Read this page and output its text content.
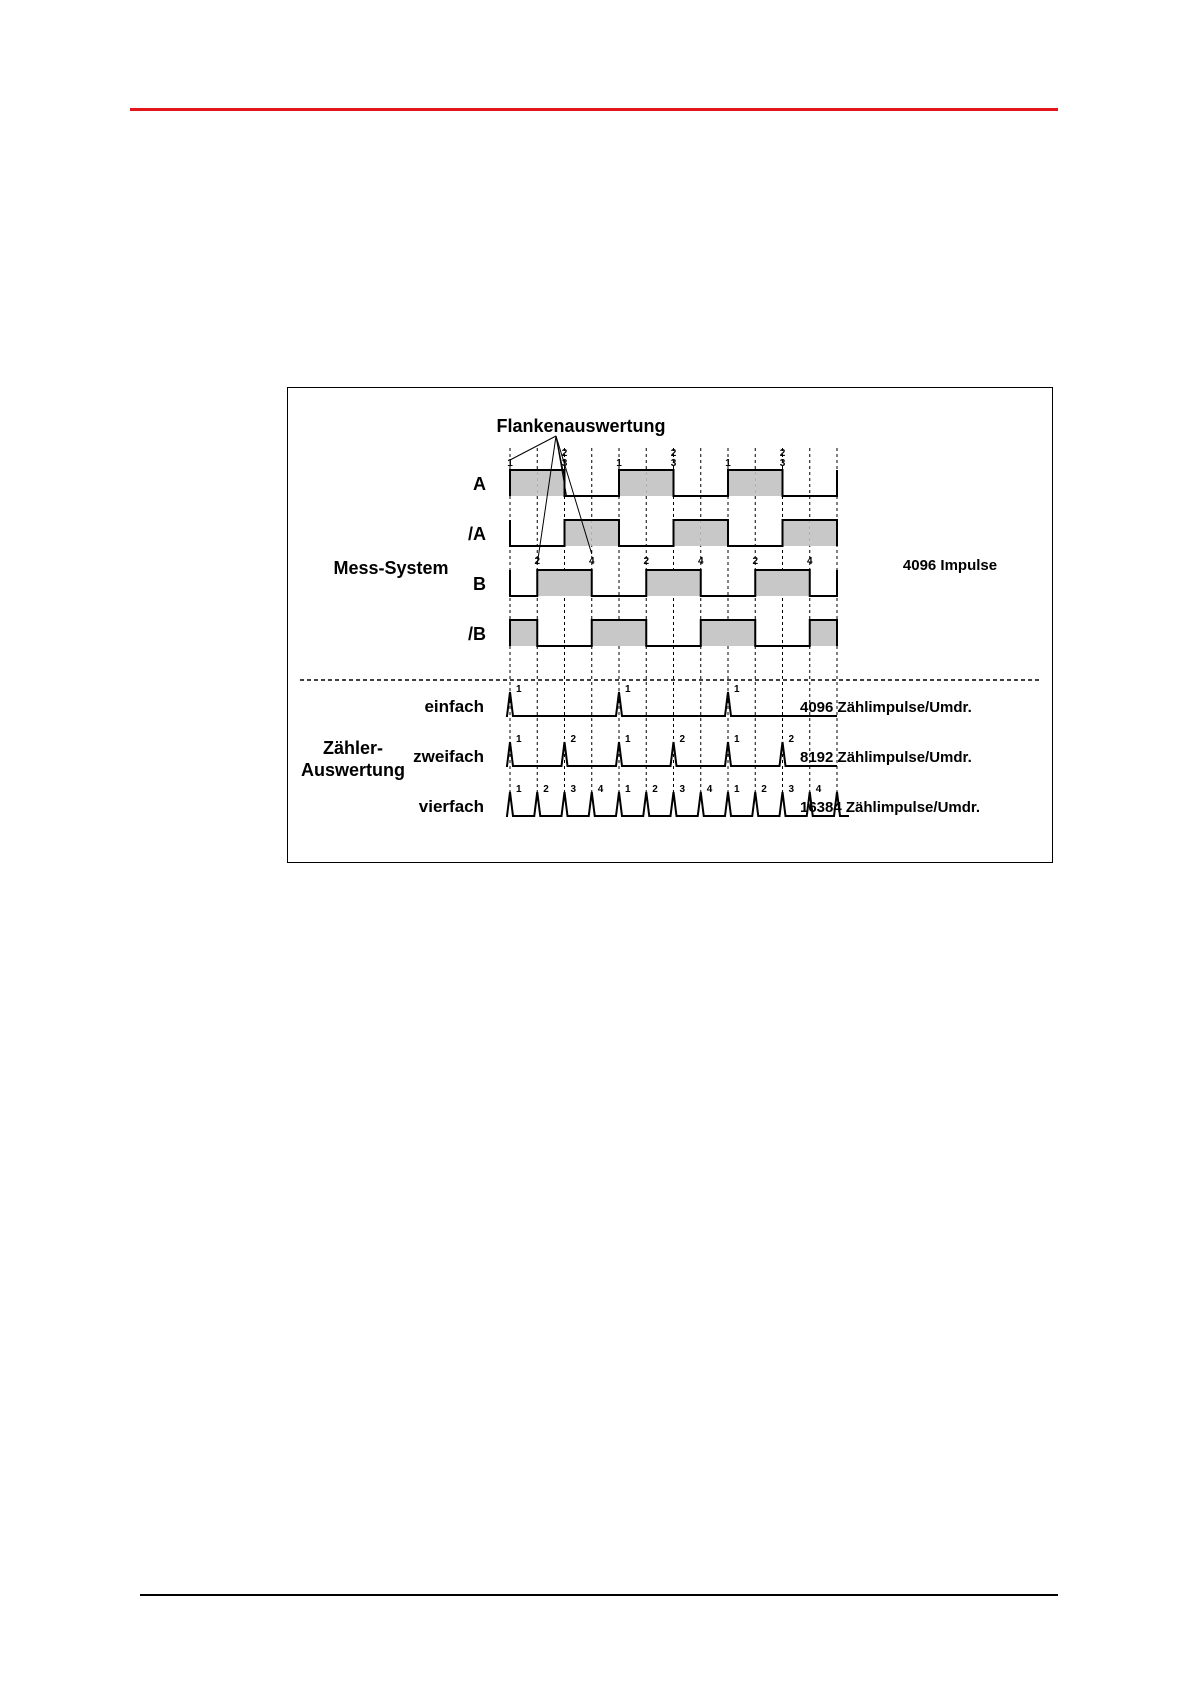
A
/A
B
/B
1
2
3	1
2
3	1
2
3
2	4	2	4	2	4
einfach	4096 Zählimpulse/Umdr.
1	1	1
zweifach	8192 Zählimpulse/Umdr.
1	2	1	2	1	2
vierfach	16384 Zählimpulse/Umdr.
1 2 3 4 1 2 3 4 1 2 3 4
Flankenauswertung
Mess-System
Zähler-
Auswertung
4096 Impulse
